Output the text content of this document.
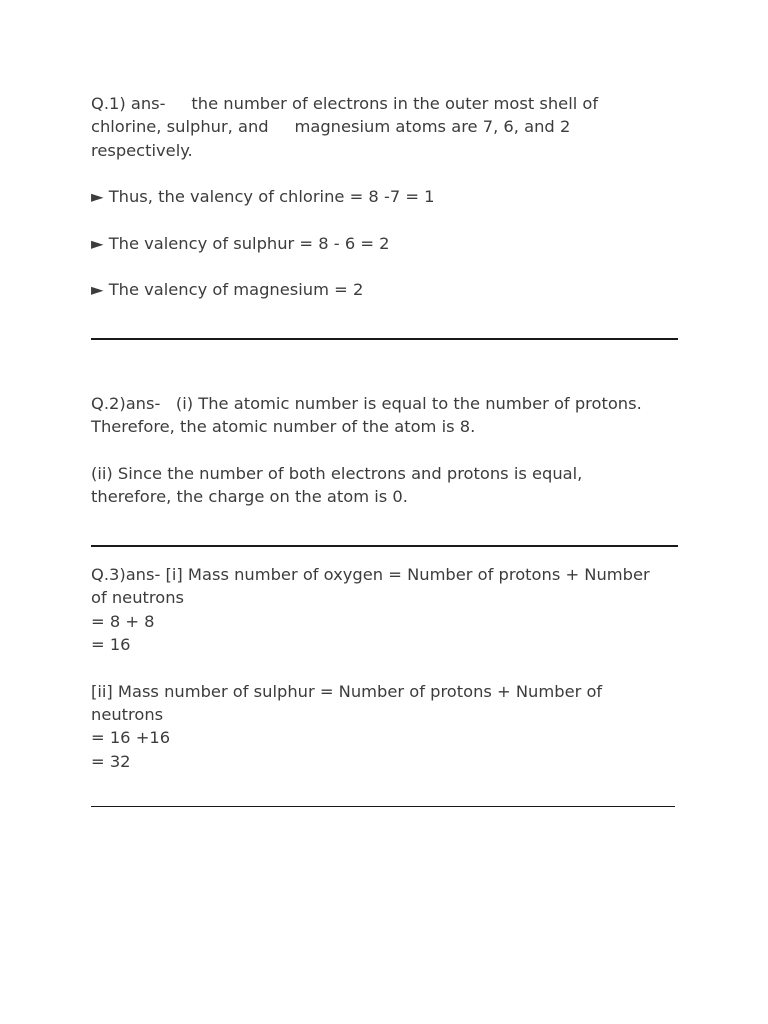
Q.1) ans-     the number of electrons in the outer most shell of

chlorine, sulphur, and     magnesium atoms are 7, 6, and 2

respectively.

► Thus, the valency of chlorine = 8 -7 = 1

► The valency of sulphur = 8 - 6 = 2

► The valency of magnesium = 2

Q.2)ans-   (i) The atomic number is equal to the number of protons.

Therefore, the atomic number of the atom is 8.

(ii) Since the number of both electrons and protons is equal,

therefore, the charge on the atom is 0.

Q.3)ans- [i] Mass number of oxygen = Number of protons + Number

of neutrons

= 8 + 8

= 16

[ii] Mass number of sulphur = Number of protons + Number of

neutrons

= 16 +16

= 32
